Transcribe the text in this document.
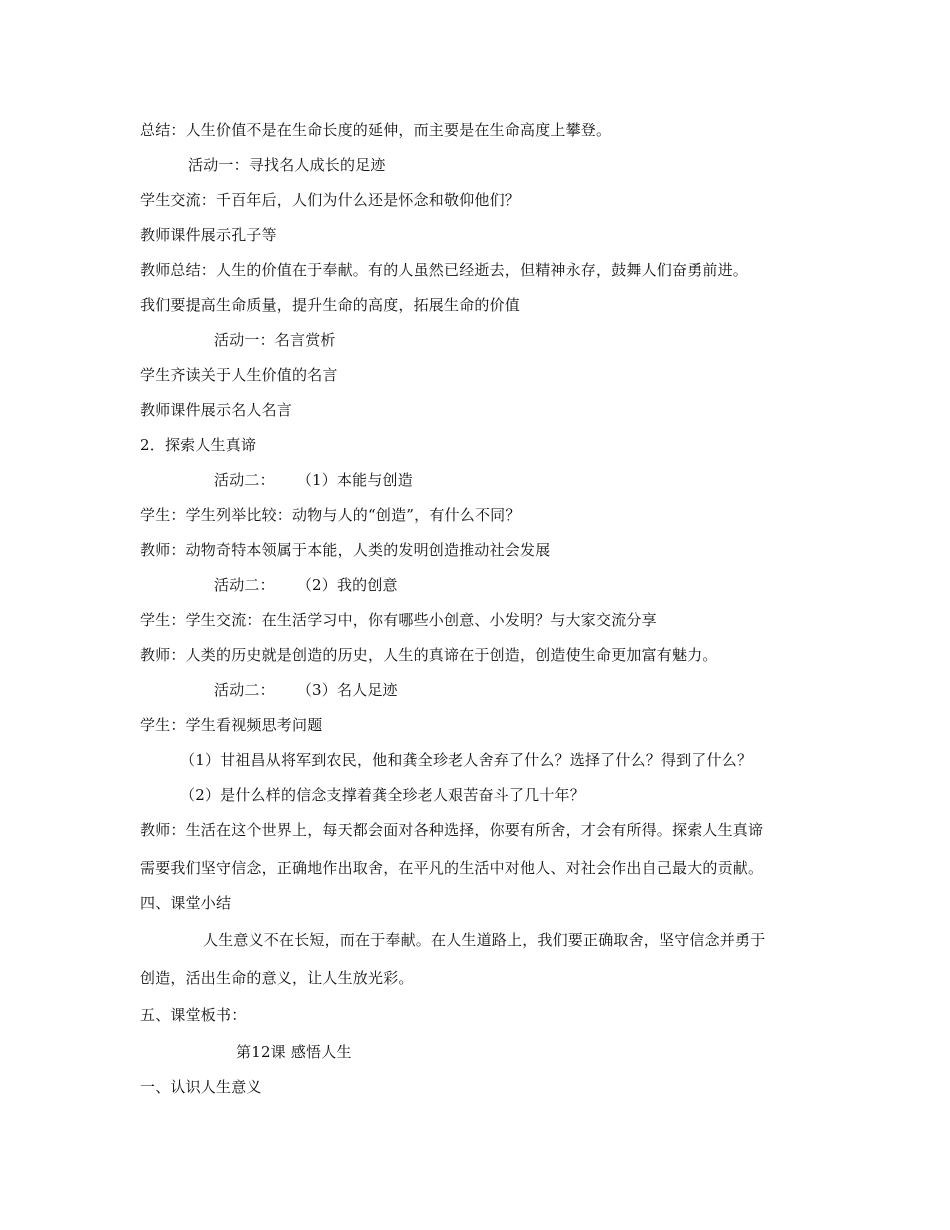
总结：人生价值不是在生命长度的延伸，而主要是在生命高度上攀登。
活动一：寻找名人成长的足迹
学生交流：千百年后，人们为什么还是怀念和敬仰他们？
教师课件展示孔子等
教师总结：人生的价值在于奉献。有的人虽然已经逝去，但精神永存，鼓舞人们奋勇前进。
我们要提高生命质量，提升生命的高度，拓展生命的价值
活动一：名言赏析
学生齐读关于人生价值的名言
教师课件展示名人名言
2．探索人生真谛
活动二： （1）本能与创造
学生：学生列举比较：动物与人的“创造”，有什么不同？
教师：动物奇特本领属于本能，人类的发明创造推动社会发展
活动二： （2）我的创意
学生：学生交流：在生活学习中，你有哪些小创意、小发明？与大家交流分享
教师：人类的历史就是创造的历史，人生的真谛在于创造，创造使生命更加富有魅力。
活动二： （3）名人足迹
学生：学生看视频思考问题
（1）甘祖昌从将军到农民，他和龚全珍老人舍弃了什么？选择了什么？得到了什么？
（2）是什么样的信念支撑着龚全珍老人艰苦奋斗了几十年？
教师：生活在这个世界上，每天都会面对各种选择，你要有所舍，才会有所得。探索人生真谛
需要我们坚守信念，正确地作出取舍，在平凡的生活中对他人、对社会作出自己最大的贡献。
四、课堂小结
人生意义不在长短，而在于奉献。在人生道路上，我们要正确取舍，坚守信念并勇于
创造，活出生命的意义，让人生放光彩。
五、课堂板书：
第12课 感悟人生
一、认识人生意义
